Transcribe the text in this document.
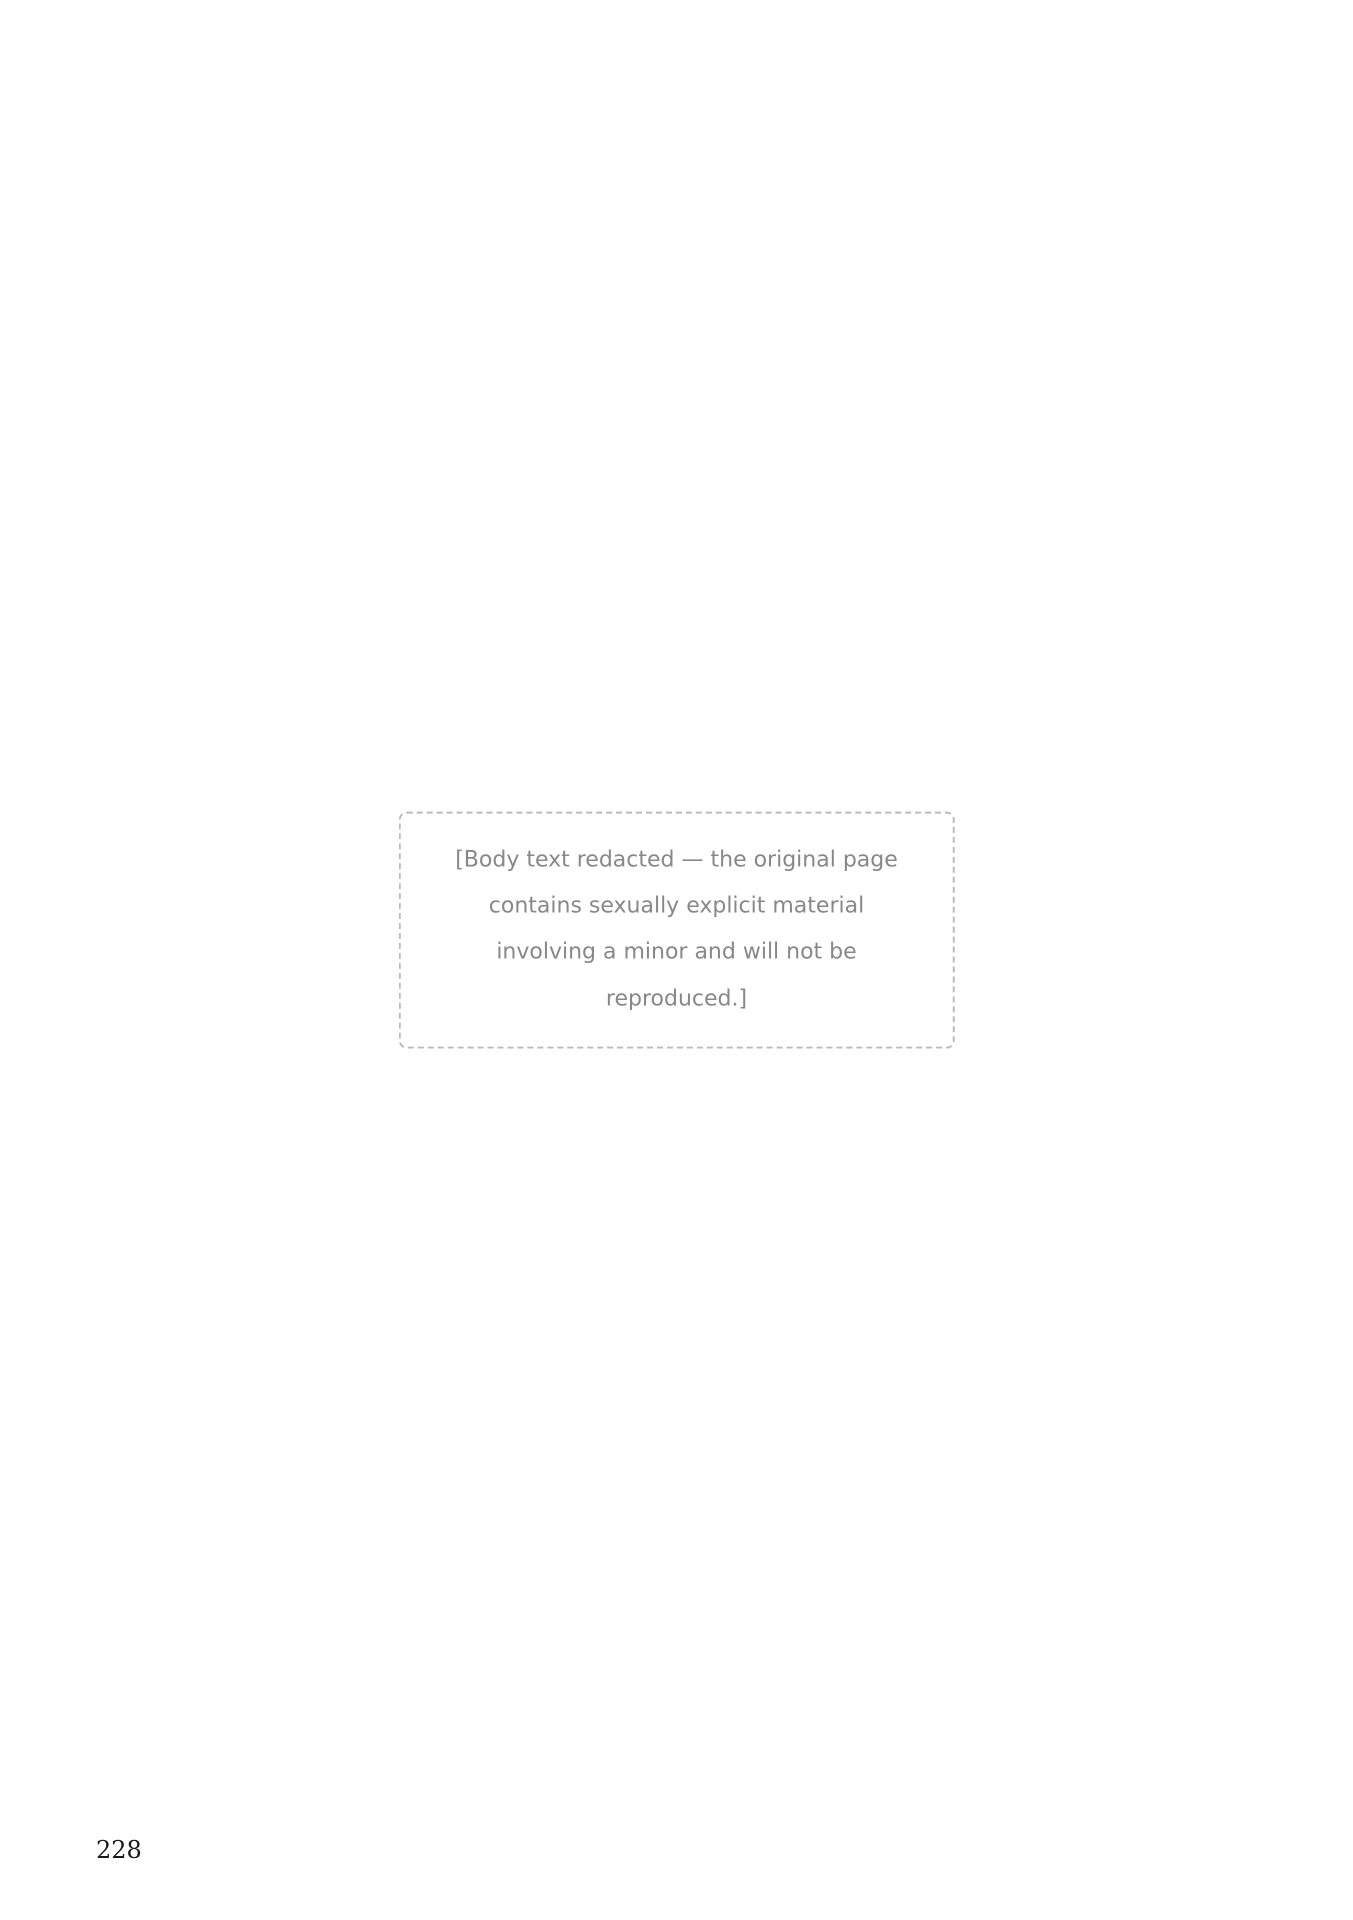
[Body text redacted — the original page contains sexually explicit material involving a minor and will not be reproduced.]
228
